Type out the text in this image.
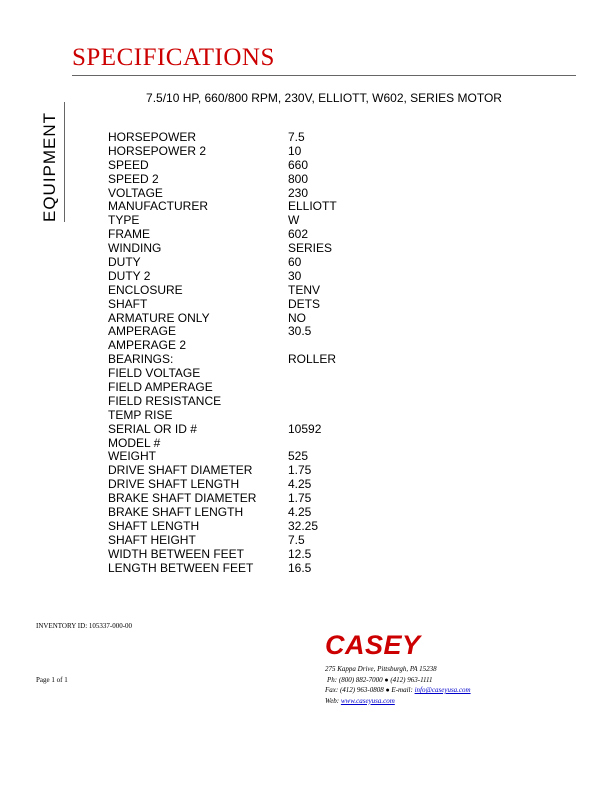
SPECIFICATIONS
7.5/10 HP, 660/800 RPM, 230V, ELLIOTT, W602, SERIES MOTOR
EQUIPMENT	HORSEPOWER	7.5
HORSEPOWER 2	10
SPEED	660
SPEED 2	800
VOLTAGE	230
MANUFACTURER	ELLIOTT
TYPE	W
FRAME	602
WINDING	SERIES
DUTY	60
DUTY 2	30
ENCLOSURE	TENV
SHAFT	DETS
ARMATURE ONLY	NO
AMPERAGE	30.5
AMPERAGE 2
BEARINGS:	ROLLER
FIELD VOLTAGE
FIELD AMPERAGE
FIELD RESISTANCE
TEMP RISE
SERIAL OR ID #	10592
MODEL #
WEIGHT	525
DRIVE SHAFT DIAMETER	1.75
DRIVE SHAFT LENGTH	4.25
BRAKE SHAFT DIAMETER	1.75
BRAKE SHAFT LENGTH	4.25
SHAFT LENGTH	32.25
SHAFT HEIGHT	7.5
WIDTH BETWEEN FEET	12.5
LENGTH BETWEEN FEET	16.5
INVENTORY ID: 105337-000-00
Page 1 of 1
CASEY
275 Kappa Drive, Pittsburgh, PA 15238
Ph: (800) 882-7000 ● (412) 963-1111
Fax: (412) 963-0808 ● E-mail: info@caseyusa.com
Web: www.caseyusa.com
